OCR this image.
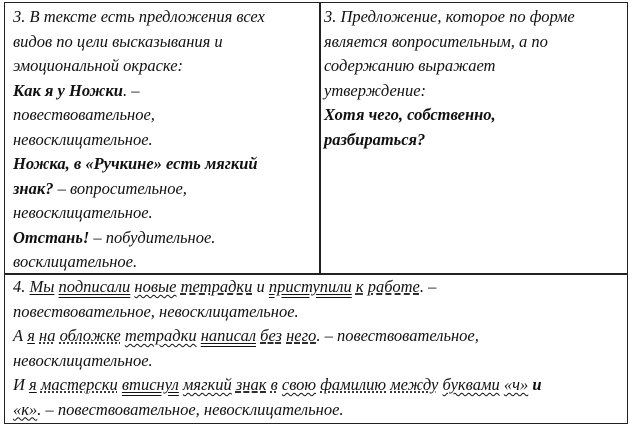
3. В тексте есть предложения всех
видов по цели высказывания и
эмоциональной окраске:
Как я у Ножки. –
повествовательное,
невосклицательное.
Ножка, в «Ручкине» есть мягкий
знак? – вопросительное,
невосклицательное.
Отстань! – побудительное.
восклицательное.
3. Предложение, которое по форме
является вопросительным, а по
содержанию выражает
утверждение:
Хотя чего, собственно,
разбираться?
4. Мы подписали новые тетрадки и приступили к работе. –
повествовательное, невосклицательное.
А я на обложке тетрадки написал без него. – повествовательное,
невосклицательное.
И я мастерски втиснул мягкий знак в свою фамилию между буквами «ч» и
«к». – повествовательное, невосклицательное.
